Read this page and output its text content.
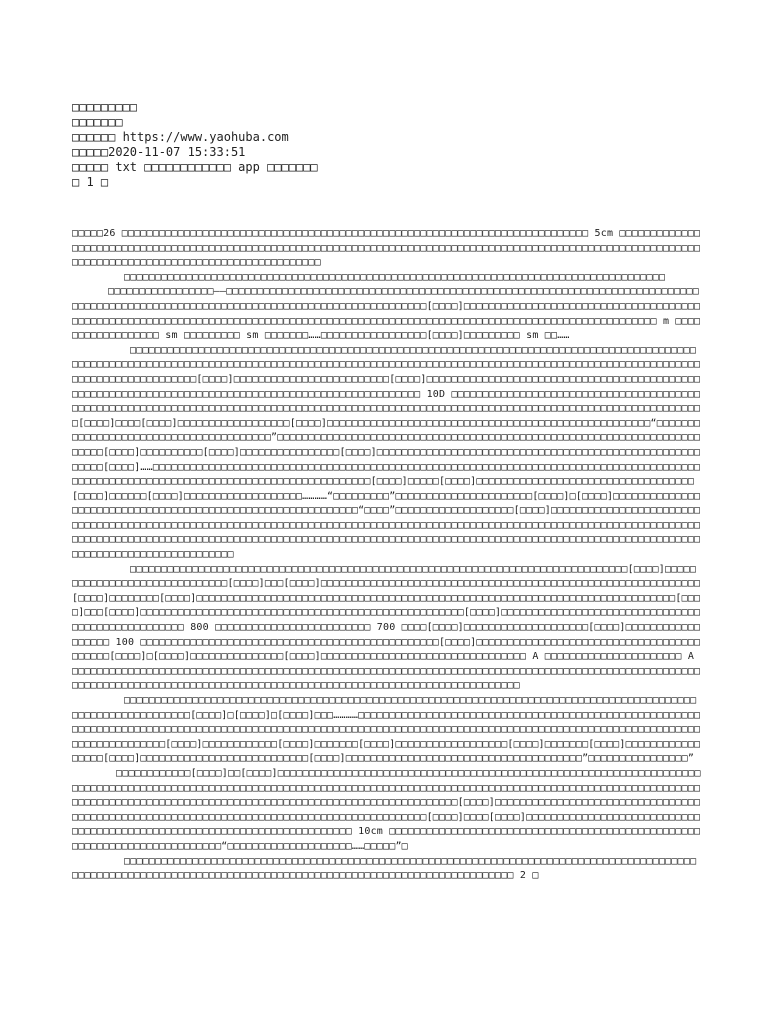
□□□□□□□□□
□□□□□□□
□□□□□□ https://www.yaohuba.com
□□□□□2020-11-07 15:33:51
□□□□□ txt □□□□□□□□□□□□ app □□□□□□□
□ 1 □

□□□□□26 □□□□□□□□□□□□□□□□□□□□□□□□□□□□□□□□□□□□□□□□□□□□□□□□□□□□□□□□□□□□□□□□□□□□□□□□□□□ 5cm □□□□□□□□□□□□□□□□□□□□□□□□□□□□□□□□□□□□□□□□□□□□□□□□□□□□□□□□□□□□□□□□□□□□□□□□□□□□□□□□□□□□□□□□□□□□□□□□□□□□□□□□□□□□□□□□□□□□□□□□□□□□□□□□□□□□□□□□□□□□□□□□□□□□□□□□□□

□□□□□□□□□□□□□□□□□□□□□□□□□□□□□□□□□□□□□□□□□□□□□□□□□□□□□□□□□□□□□□□□□□□□□□□□□□□□□□□□□□□□□□□

□□□□□□□□□□□□□□□□□——□□□□□□□□□□□□□□□□□□□□□□□□□□□□□□□□□□□□□□□□□□□□□□□□□□□□□□□□□□□□□□□□□□□□□□□□□□□□□□□□□□□□□□□□□□□□□□□□□□□□□□□□□□□□□□□□□□□□□□□□□□□□□□□□□□□□□[□□□□]□□□□□□□□□□□□□□□□□□□□□□□□□□□□□□□□□□□□□□□□□□□□□□□□□□□□□□□□□□□□□□□□□□□□□□□□□□□□□□□□□□□□□□□□□□□□□□□□□□□□□□□□□□□□□□□□□□□□□□□□□□□□□□□□□□□□ m □□□□□□□□□□□□□□□□□□ sm □□□□□□□□□ sm □□□□□□□……□□□□□□□□□□□□□□□□□[□□□□]□□□□□□□□□ sm □□……

□□□□□□□□□□□□□□□□□□□□□□□□□□□□□□□□□□□□□□□□□□□□□□□□□□□□□□□□□□□□□□□□□□□□□□□□□□□□□□□□□□□□□□□□□□□□□□□□□□□□□□□□□□□□□□□□□□□□□□□□□□□□□□□□□□□□□□□□□□□□□□□□□□□□□□□□□□□□□□□□□□□□□□□□□□□□□□□□□□□□□□□□□□□□□□□□□□□□□□□□□□□□□□□□□□□□[□□□□]□□□□□□□□□□□□□□□□□□□□□□□□□[□□□□]□□□□□□□□□□□□□□□□□□□□□□□□□□□□□□□□□□□□□□□□□□□□□□□□□□□□□□□□□□□□□□□□□□□□□□□□□□□□□□□□□□□□□□□□□□□□□□□□□□□□ 10D □□□□□□□□□□□□□□□□□□□□□□□□□□□□□□□□□□□□□□□□□□□□□□□□□□□□□□□□□□□□□□□□□□□□□□□□□□□□□□□□□□□□□□□□□□□□□□□□□□□□□□□□□□□□□□□□□□□□□□□□□□□□□□□□□□□□□□□□□□□□□□[□□□□]□□□□[□□□□]□□□□□□□□□□□□□□□□□□[□□□□]□□□□□□□□□□□□□□□□□□□□□□□□□□□□□□□□□□□□□□□□□□□□□□□□□□□□“□□□□□□□□□□□□□□□□□□□□□□□□□□□□□□□□□□□□□□□”□□□□□□□□□□□□□□□□□□□□□□□□□□□□□□□□□□□□□□□□□□□□□□□□□□□□□□□□□□□□□□□□□□□□□□□□□[□□□□]□□□□□□□□□□[□□□□]□□□□□□□□□□□□□□□□[□□□□]□□□□□□□□□□□□□□□□□□□□□□□□□□□□□□□□□□□□□□□□□□□□□□□□□□□□□□□□□[□□□□]……□□□□□□□□□□□□□□□□□□□□□□□□□□□□□□□□□□□□□□□□□□□□□□□□□□□□□□□□□□□□□□□□□□□□□□□□□□□□□□□□□□□□□□□□□□□□□□□□□□□□□□□□□□□□□□□□□□□□□□□□□□□□□□□□□□□□□□□□[□□□□]□□□□□[□□□□]□□□□□□□□□□□□□□□□□□□□□□□□□□□□□□□□□□□[□□□□]□□□□□□[□□□□]□□□□□□□□□□□□□□□□□□□…………“□□□□□□□□□”□□□□□□□□□□□□□□□□□□□□□□[□□□□]□[□□□□]□□□□□□□□□□□□□□□□□□□□□□□□□□□□□□□□□□□□□□□□□□□□□□□□□□□□□□□□□□□□“□□□□”□□□□□□□□□□□□□□□□□□□[□□□□]□□□□□□□□□□□□□□□□□□□□□□□□□□□□□□□□□□□□□□□□□□□□□□□□□□□□□□□□□□□□□□□□□□□□□□□□□□□□□□□□□□□□□□□□□□□□□□□□□□□□□□□□□□□□□□□□□□□□□□□□□□□□□□□□□□□□□□□□□□□□□□□□□□□□□□□□□□□□□□□□□□□□□□□□□□□□□□□□□□□□□□□□□□□□□□□□□□□□□□□□□□□□□□□□□□□□□□□□□□□□□□□□□□□□□□□□□□□□□□□□□□□□□□□□□□□□

□□□□□□□□□□□□□□□□□□□□□□□□□□□□□□□□□□□□□□□□□□□□□□□□□□□□□□□□□□□□□□□□□□□□□□□□□□□□□□□□[□□□□]□□□□□□□□□□□□□□□□□□□□□□□□□□□□□□[□□□□]□□□[□□□□]□□□□□□□□□□□□□□□□□□□□□□□□□□□□□□□□□□□□□□□□□□□□□□□□□□□□□□□□□□□□□[□□□□]□□□□□□□□[□□□□]□□□□□□□□□□□□□□□□□□□□□□□□□□□□□□□□□□□□□□□□□□□□□□□□□□□□□□□□□□□□□□□□□□□□□□□□□□□□□[□□□□]□□□[□□□□]□□□□□□□□□□□□□□□□□□□□□□□□□□□□□□□□□□□□□□□□□□□□□□□□□□□□[□□□□]□□□□□□□□□□□□□□□□□□□□□□□□□□□□□□□□□□□□□□□□□□□□□□□□□□ 800 □□□□□□□□□□□□□□□□□□□□□□□□□ 700 □□□□[□□□□]□□□□□□□□□□□□□□□□□□□□[□□□□]□□□□□□□□□□□□□□□□□□ 100 □□□□□□□□□□□□□□□□□□□□□□□□□□□□□□□□□□□□□□□□□□□□□□□□[□□□□]□□□□□□□□□□□□□□□□□□□□□□□□□□□□□□□□□□□□□□□□□□[□□□□]□[□□□□]□□□□□□□□□□□□□□□[□□□□]□□□□□□□□□□□□□□□□□□□□□□□□□□□□□□□□□ A □□□□□□□□□□□□□□□□□□□□□□ A □□□□□□□□□□□□□□□□□□□□□□□□□□□□□□□□□□□□□□□□□□□□□□□□□□□□□□□□□□□□□□□□□□□□□□□□□□□□□□□□□□□□□□□□□□□□□□□□□□□□□□□□□□□□□□□□□□□□□□□□□□□□□□□□□□□□□□□□□□□□□□□□□□□□□□□□□□□□□□□□□□□□□□□□□□□□□

□□□□□□□□□□□□□□□□□□□□□□□□□□□□□□□□□□□□□□□□□□□□□□□□□□□□□□□□□□□□□□□□□□□□□□□□□□□□□□□□□□□□□□□□□□□□□□□□□□□□□□□□□□□□□□□[□□□□]□[□□□□]□[□□□□]□□□…………□□□□□□□□□□□□□□□□□□□□□□□□□□□□□□□□□□□□□□□□□□□□□□□□□□□□□□□□□□□□□□□□□□□□□□□□□□□□□□□□□□□□□□□□□□□□□□□□□□□□□□□□□□□□□□□□□□□□□□□□□□□□□□□□□□□□□□□□□□□□□□□□□□□□□□□□□□□□□□□□□□□□□□□□□□□[□□□□]□□□□□□□□□□□□[□□□□]□□□□□□□[□□□□]□□□□□□□□□□□□□□□□□□[□□□□]□□□□□□□[□□□□]□□□□□□□□□□□□□□□□□[□□□□]□□□□□□□□□□□□□□□□□□□□□□□□□□□[□□□□]□□□□□□□□□□□□□□□□□□□□□□□□□□□□□□□□□□□□□□”□□□□□□□□□□□□□□□□”

□□□□□□□□□□□□[□□□□]□□[□□□□]□□□□□□□□□□□□□□□□□□□□□□□□□□□□□□□□□□□□□□□□□□□□□□□□□□□□□□□□□□□□□□□□□□□□□□□□□□□□□□□□□□□□□□□□□□□□□□□□□□□□□□□□□□□□□□□□□□□□□□□□□□□□□□□□□□□□□□□□□□□□□□□□□□□□□□□□□□□□□□□□□□□□□□□□□□□□□□□□□□□□□□□□□□□□□□□□□□□□□□□□□□□□□□□□□□□□□□□□□□□□□□□□□□□□□□□[□□□□]□□□□□□□□□□□□□□□□□□□□□□□□□□□□□□□□□□□□□□□□□□□□□□□□□□□□□□□□□□□□□□□□□□□□□□□□□□□□□□□□□□□□□□□□□□[□□□□]□□□□[□□□□]□□□□□□□□□□□□□□□□□□□□□□□□□□□□□□□□□□□□□□□□□□□□□□□□□□□□□□□□□□□□□□□□□□□□□□□□□ 10cm □□□□□□□□□□□□□□□□□□□□□□□□□□□□□□□□□□□□□□□□□□□□□□□□□□□□□□□□□□□□□□□□□□□□□□□□□□“□□□□□□□□□□□□□□□□□□□□……□□□□□”□

□□□□□□□□□□□□□□□□□□□□□□□□□□□□□□□□□□□□□□□□□□□□□□□□□□□□□□□□□□□□□□□□□□□□□□□□□□□□□□□□□□□□□□□□□□□□□□□□□□□□□□□□□□□□□□□□□□□□□□□□□□□□□□□□□□□□□□□□□□□□□□□□□□□□□□□□□□□□□□□□□□□ 2 □
